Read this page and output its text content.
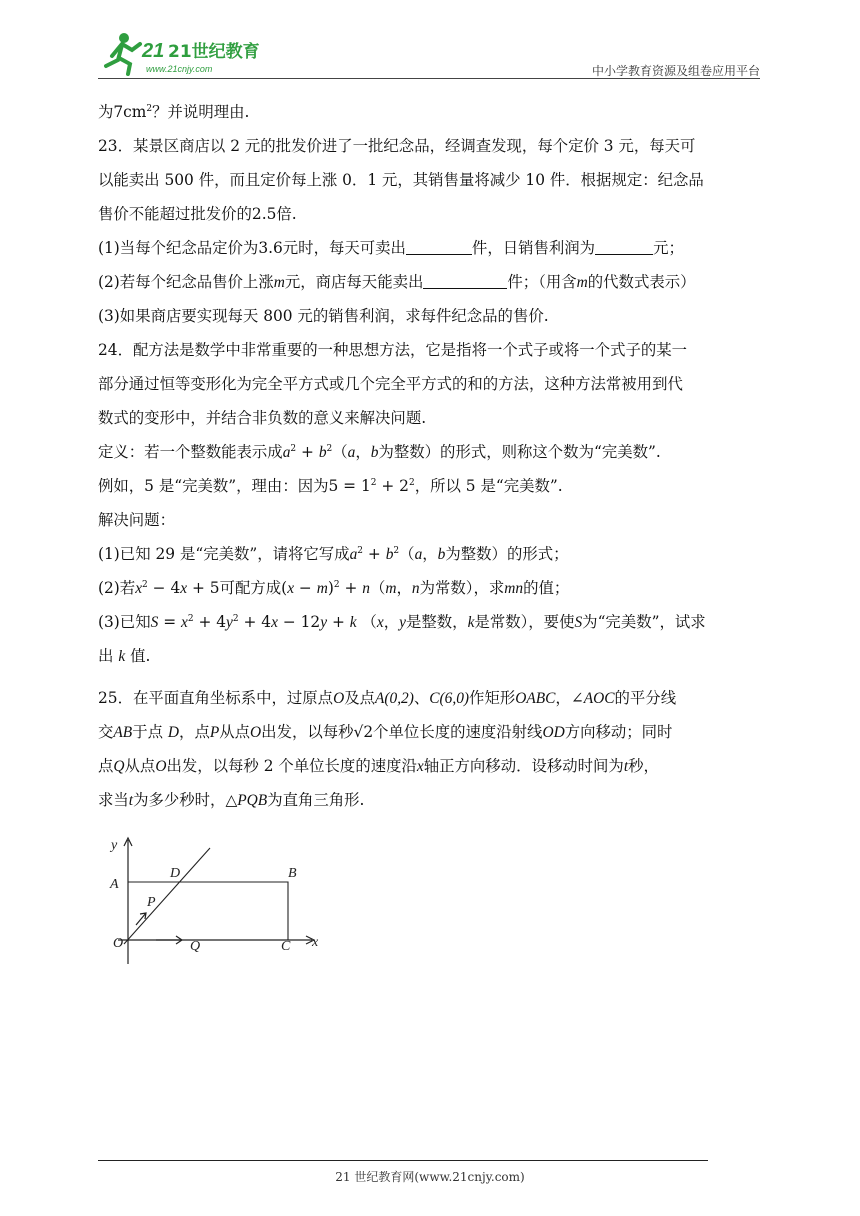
21 21世纪教育
www.21cnjy.com	中小学教育资源及组卷应用平台
为$7cm^2$？并说明理由.
23．某景区商店以 2 元的批发价进了一批纪念品，经调查发现，每个定价 3 元，每天可
以能卖出 500 件，而且定价每上涨 0．1 元，其销售量将减少 10 件．根据规定：纪念品
售价不能超过批发价的2.5倍.
(1)当每个纪念品定价为3.6元时，每天可卖出	件，日销售利润为	元；
(2)若每个纪念品售价上涨m元，商店每天能卖出	件；（用含m的代数式表示）
(3)如果商店要实现每天 800 元的销售利润，求每件纪念品的售价.
24．配方法是数学中非常重要的一种思想方法，它是指将一个式子或将一个式子的某一
部分通过恒等变形化为完全平方式或几个完全平方式的和的方法，这种方法常被用到代
数式的变形中，并结合非负数的意义来解决问题.
定义：若一个整数能表示成$a^2 + b^2(a$，b为整数）的形式，则称这个数为“完美数”.
例如，5 是“完美数”，理由：因为$5 = 1^2 + 2^2$，所以 5 是“完美数”.
解决问题：
(1)已知 29 是“完美数”，请将它写成$a^2 + b^2(a$，b为整数）的形式；
(2)若$x^2 - 4x + 5$可配方成$(x - m)^2 + n(m$，n为常数），求mn的值；
(3)已知$S = x^2 + 4y^2 + 4x - 12y + k$ （x，y是整数，k是常数），要使S为“完美数”，试求
出 k 值.
25．在平面直角坐标系中，过原点O及点A(0,2)、C(6,0)作矩形OABC，∠AOC的平分线
交AB于点 D，点P从点O出发，以每秒√2个单位长度的速度沿射线OD方向移动；同时
点Q从点O出发，以每秒 2 个单位长度的速度沿x轴正方向移动．设移动时间为t秒，
求当t为多少秒时，△PQB为直角三角形.
y
A
D	B
P
O	Q	C x
21 世纪教育网(www.21cnjy.com)
